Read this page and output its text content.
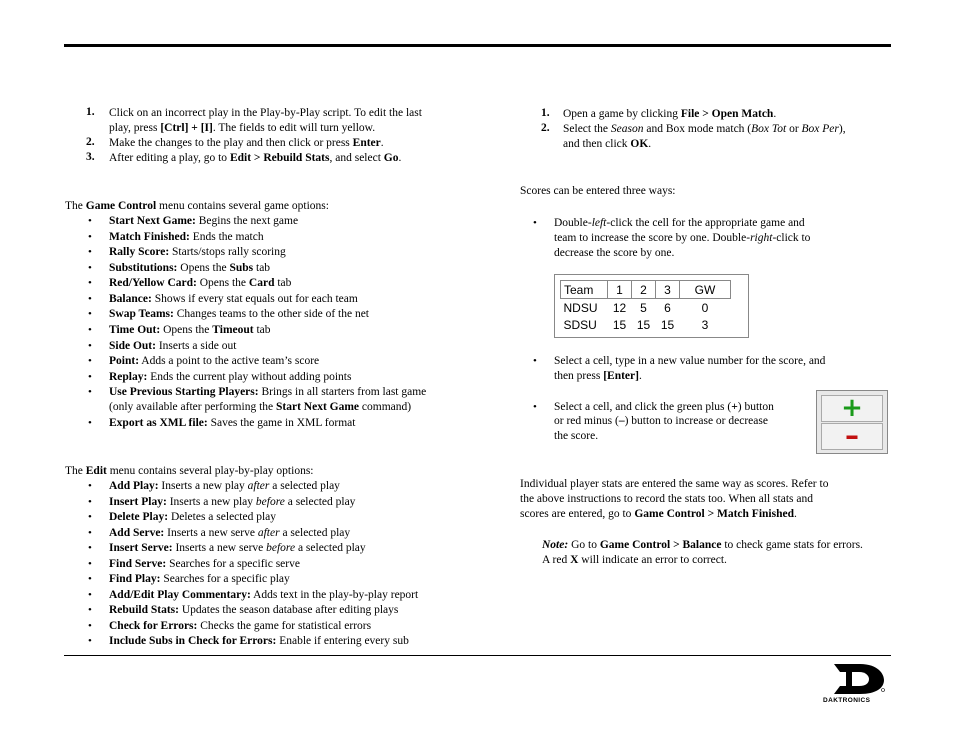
1. Click on an incorrect play in the Play-by-Play script. To edit the last
play, press [Ctrl] + [I]. The fields to edit will turn yellow.
2. Make the changes to the play and then click or press Enter.
3. After editing a play, go to Edit > Rebuild Stats, and select Go.
The Game Control menu contains several game options:
• Start Next Game: Begins the next game
• Match Finished: Ends the match
• Rally Score: Starts/stops rally scoring
• Substitutions: Opens the Subs tab
• Red/Yellow Card: Opens the Card tab
• Balance: Shows if every stat equals out for each team
• Swap Teams: Changes teams to the other side of the net
• Time Out: Opens the Timeout tab
• Side Out: Inserts a side out
• Point: Adds a point to the active team’s score
• Replay: Ends the current play without adding points
• Use Previous Starting Players: Brings in all starters from last game
(only available after performing the Start Next Game command)
• Export as XML file: Saves the game in XML format
The Edit menu contains several play-by-play options:
• Add Play: Inserts a new play after a selected play
• Insert Play: Inserts a new play before a selected play
• Delete Play: Deletes a selected play
• Add Serve: Inserts a new serve after a selected play
• Insert Serve: Inserts a new serve before a selected play
• Find Serve: Searches for a specific serve
• Find Play: Searches for a specific play
• Add/Edit Play Commentary: Adds text in the play-by-play report
• Rebuild Stats: Updates the season database after editing plays
• Check for Errors: Checks the game for statistical errors
• Include Subs in Check for Errors: Enable if entering every sub
1. Open a game by clicking File > Open Match.
2. Select the Season and Box mode match (Box Tot or Box Per),
and then click OK.
Scores can be entered three ways:
• Double-left-click the cell for the appropriate game and
team to increase the score by one. Double-right-click to
decrease the score by one.
Team	1	2	3	GW
NDSU	12	5	6	0
SDSU	15	15	15	3
• Select a cell, type in a new value number for the score, and
then press [Enter].
• Select a cell, and click the green plus (+) button
or red minus (–) button to increase or decrease
the score.
+
–
Individual player stats are entered the same way as scores. Refer to
the above instructions to record the stats too. When all stats and
scores are entered, go to Game Control > Match Finished.
Note: Go to Game Control > Balance to check game stats for errors.
A red X will indicate an error to correct.
DAKTRONICS
